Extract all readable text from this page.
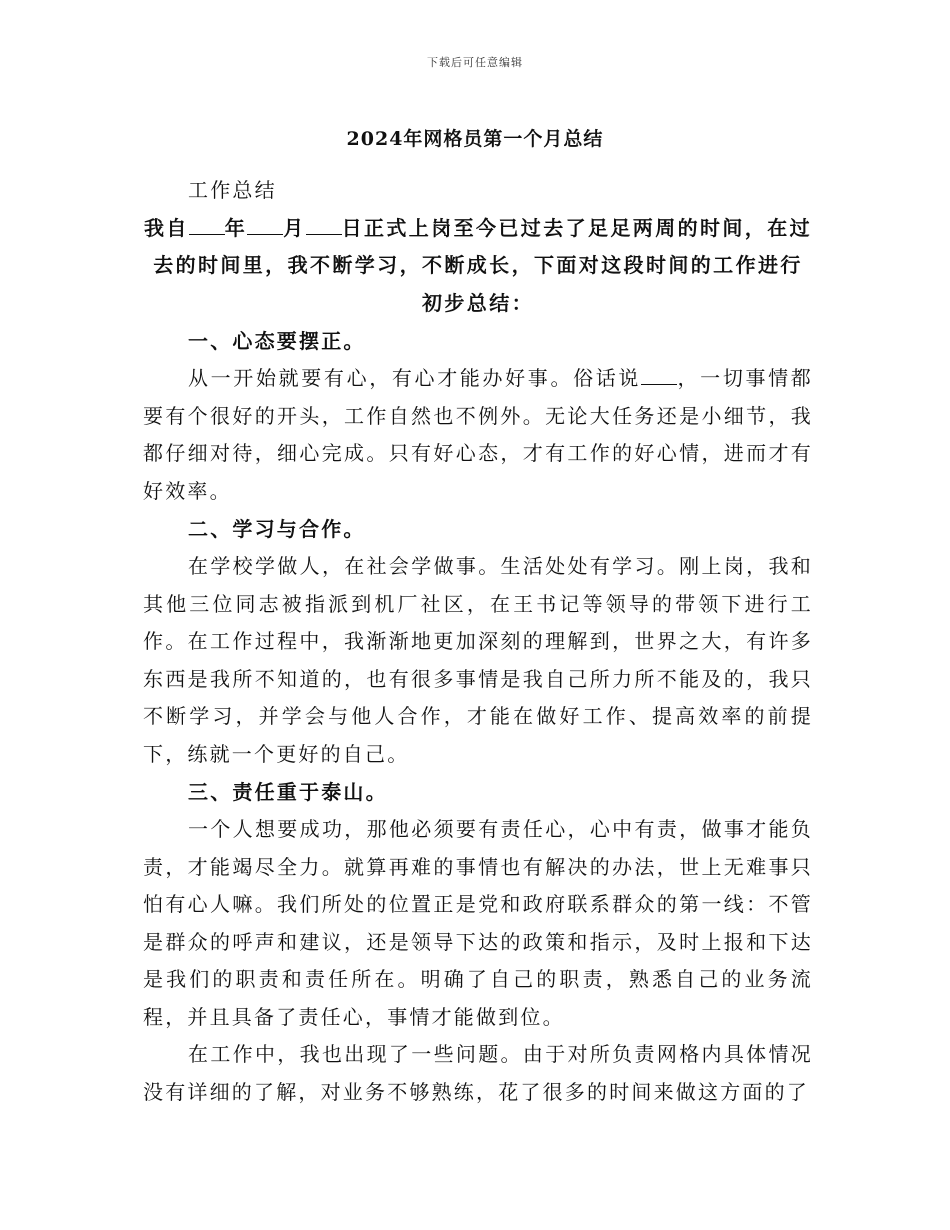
下载后可任意编辑
2024年网格员第一个月总结

工作总结

我自 年 月 日正式上岗至今已过去了足足两周的时间，在过去的时间里，我不断学习，不断成长，下面对这段时间的工作进行初步总结：

一、心态要摆正。

从一开始就要有心，有心才能办好事。俗话说 ，一切事情都要有个很好的开头，工作自然也不例外。无论大任务还是小细节，我都仔细对待，细心完成。只有好心态，才有工作的好心情，进而才有好效率。

二、学习与合作。

在学校学做人，在社会学做事。生活处处有学习。刚上岗，我和其他三位同志被指派到机厂社区，在王书记等领导的带领下进行工作。在工作过程中，我渐渐地更加深刻的理解到，世界之大，有许多东西是我所不知道的，也有很多事情是我自己所力所不能及的，我只不断学习，并学会与他人合作，才能在做好工作、提高效率的前提下，练就一个更好的自己。

三、责任重于泰山。

一个人想要成功，那他必须要有责任心，心中有责，做事才能负责，才能竭尽全力。就算再难的事情也有解决的办法，世上无难事只怕有心人嘛。我们所处的位置正是党和政府联系群众的第一线：不管是群众的呼声和建议，还是领导下达的政策和指示，及时上报和下达是我们的职责和责任所在。明确了自己的职责，熟悉自己的业务流程，并且具备了责任心，事情才能做到位。

在工作中，我也出现了一些问题。由于对所负责网格内具体情况没有详细的了解，对业务不够熟练，花了很多的时间来做这方面的了
